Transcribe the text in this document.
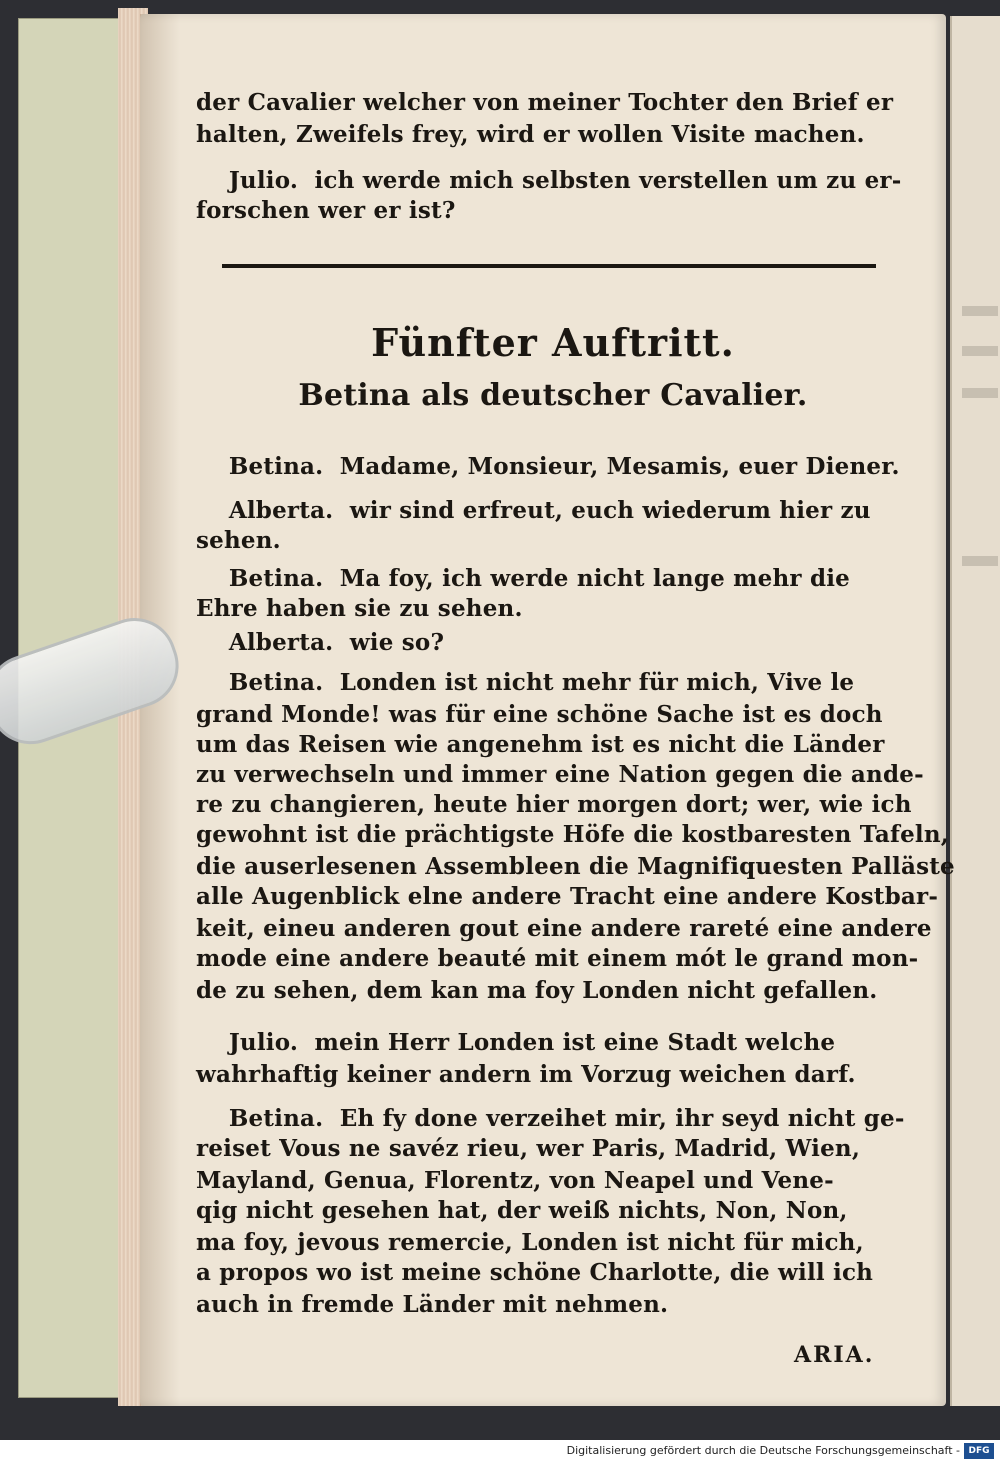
der Cavalier welcher von meiner Tochter den Brief er
halten, Zweifels frey, wird er wollen Visite machen.
Julio.  ich werde mich selbsten verstellen um zu er-
forschen wer er ist?
Fünfter Auftritt.
Betina als deutscher Cavalier.
Betina.  Madame, Monsieur, Mesamis, euer Diener.
Alberta.  wir sind erfreut, euch wiederum hier zu
sehen.
Betina.  Ma foy, ich werde nicht lange mehr die
Ehre haben sie zu sehen.
Alberta.  wie so?
Betina.  Londen ist nicht mehr für mich, Vive le
grand Monde! was für eine schöne Sache ist es doch
um das Reisen wie angenehm ist es nicht die Länder
zu verwechseln und immer eine Nation gegen die ande-
re zu changieren, heute hier morgen dort; wer, wie ich
gewohnt ist die prächtigste Höfe die kostbaresten Tafeln,
die auserlesenen Assembleen die Magnifiquesten Palläste
alle Augenblick elne andere Tracht eine andere Kostbar-
keit, eineu anderen gout eine andere rareté eine andere
mode eine andere beauté mit einem mót le grand mon-
de zu sehen, dem kan ma foy Londen nicht gefallen.
Julio.  mein Herr Londen ist eine Stadt welche
wahrhaftig keiner andern im Vorzug weichen darf.
Betina.  Eh fy done verzeihet mir, ihr seyd nicht ge-
reiset Vous ne savéz rieu, wer Paris, Madrid, Wien,
Mayland, Genua, Florentz, von Neapel und Vene-
qig nicht gesehen hat, der weiß nichts, Non, Non,
ma foy, jevous remercie, Londen ist nicht für mich,
a propos wo ist meine schöne Charlotte, die will ich
auch in fremde Länder mit nehmen.
ARIA.
Digitalisierung gefördert durch die Deutsche Forschungsgemeinschaft - DFG
